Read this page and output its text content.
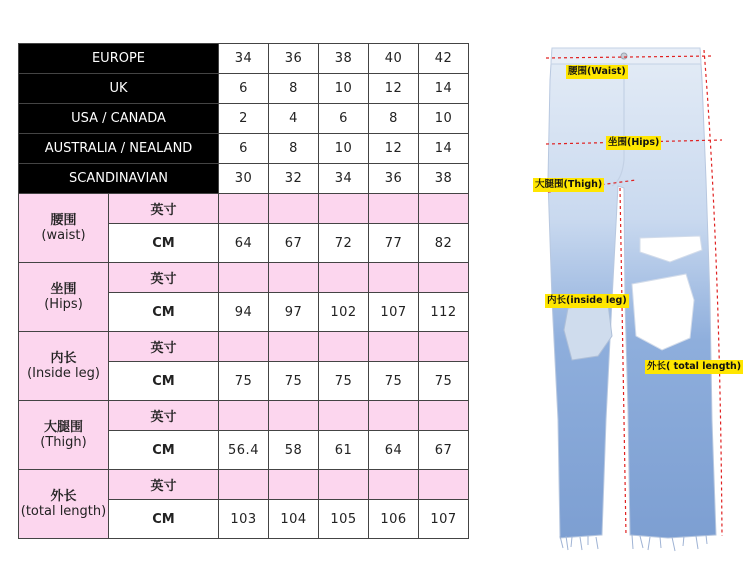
EUROPE		34	36	38	40	42
UK		6	8	10	12	14
USA / CANADA		2	4	6	8	10
AUSTRALIA / NEALAND		6	8	10	12	14
SCANDINAVIAN		30	32	34	36	38

腰围
(waist)	英寸					
	CM	64	67	72	77	82

坐围
(Hips)	英寸					
	CM	94	97	102	107	112

内长
(Inside leg)	英寸					
	CM	75	75	75	75	75

大腿围
(Thigh)	英寸					
	CM	56.4	58	61	64	67

外长
(total length)	英寸					
	CM	103	104	105	106	107
腰围(Waist)
坐围(Hips)
大腿围(Thigh)
内长(inside leg)
外长( total length)
